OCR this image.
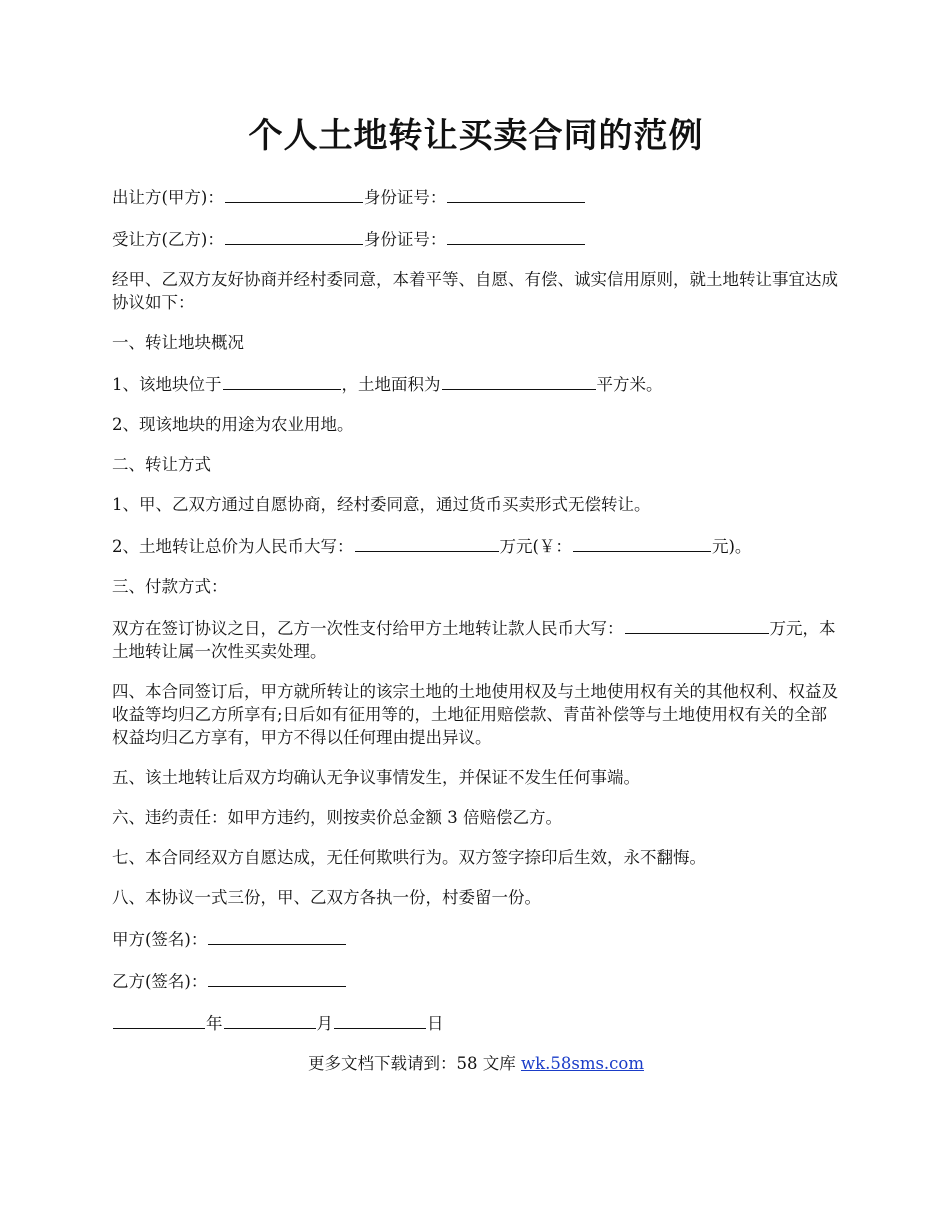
个人土地转让买卖合同的范例

出让方(甲方)：	身份证号：

受让方(乙方)：	身份证号：

经甲、乙双方友好协商并经村委同意，本着平等、自愿、有偿、诚实信用原则，就土地转让事宜达成协议如下：

一、转让地块概况

1、该地块位于	，土地面积为	平方米。

2、现该地块的用途为农业用地。

二、转让方式

1、甲、乙双方通过自愿协商，经村委同意，通过货币买卖形式无偿转让。

2、土地转让总价为人民币大写：	万元(￥：	元)。

三、付款方式：

双方在签订协议之日，乙方一次性支付给甲方土地转让款人民币大写：	万元，本土地转让属一次性买卖处理。

四、本合同签订后，甲方就所转让的该宗土地的土地使用权及与土地使用权有关的其他权利、权益及收益等均归乙方所享有;日后如有征用等的，土地征用赔偿款、青苗补偿等与土地使用权有关的全部权益均归乙方享有，甲方不得以任何理由提出异议。

五、该土地转让后双方均确认无争议事情发生，并保证不发生任何事端。

六、违约责任：如甲方违约，则按卖价总金额 3 倍赔偿乙方。

七、本合同经双方自愿达成，无任何欺哄行为。双方签字捺印后生效，永不翻悔。

八、本协议一式三份，甲、乙双方各执一份，村委留一份。

甲方(签名)：

乙方(签名)：

年	月	日

更多文档下载请到：58 文库 wk.58sms.com
